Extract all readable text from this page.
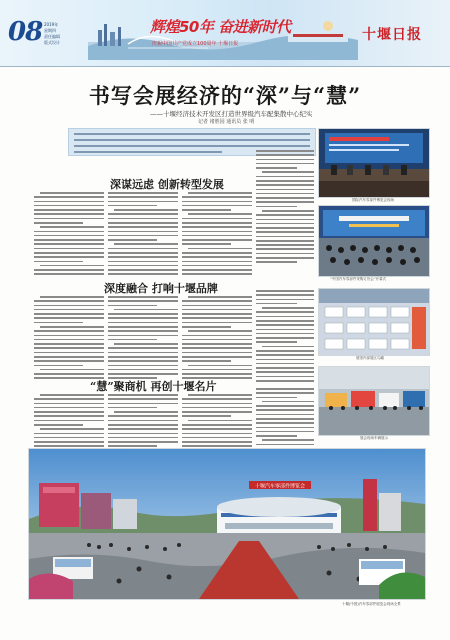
08 2019年
星期四
责任编辑
版式设计
辉煌50年 奋进新时代
庆祝中国共产党成立100周年 十堰日报
十堰日报
书写会展经济的“深”与“慧”
——十堰经济技术开发区打造世界级汽车配集散中心纪实
记者 褚胜园 通讯员 张 明
深谋远虑 创新转型发展
深度融合 打响十堰品牌
“慧”聚商机 再创十堰名片
国际汽车零部件博览会现场
“中国汽车零部件采购订货会”开幕式
展馆内部展区鸟瞰
展会现场车辆展示
十堰汽车零部件博览会
十堰(中国)汽车零部件展览会现场全景
